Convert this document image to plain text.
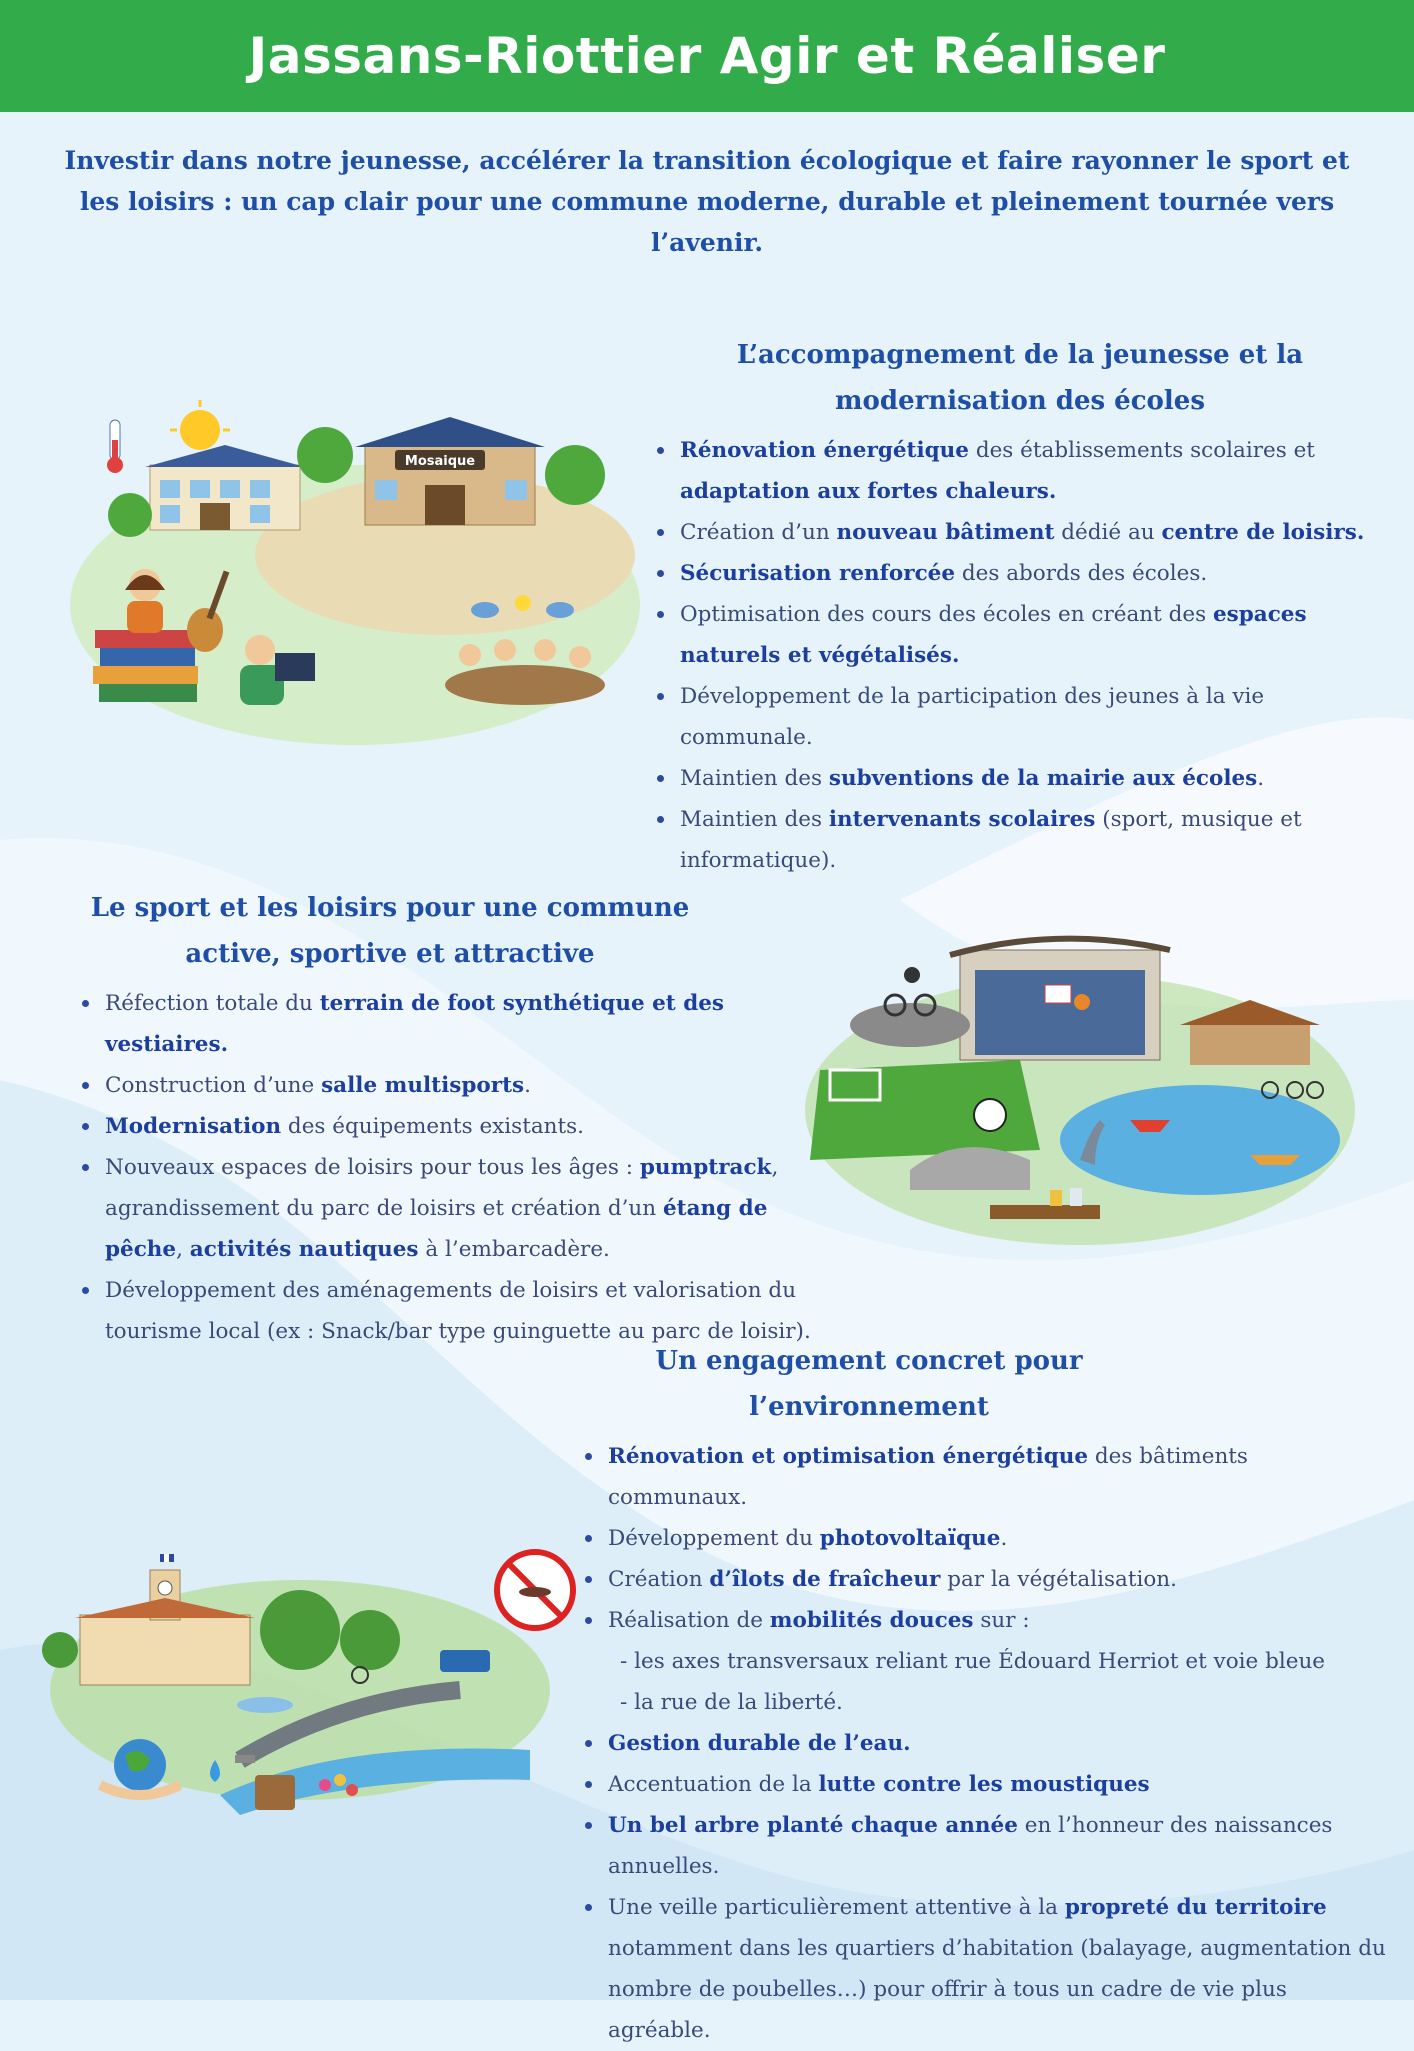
Jassans-Riottier Agir et Réaliser
Investir dans notre jeunesse, accélérer la transition écologique et faire rayonner le sport et les loisirs : un cap clair pour une commune moderne, durable et pleinement tournée vers l’avenir.
Mosaique
L’accompagnement de la jeunesse et la
modernisation des écoles
Rénovation énergétique des établissements scolaires et adaptation aux fortes chaleurs.
Création d’un nouveau bâtiment dédié au centre de loisirs.
Sécurisation renforcée des abords des écoles.
Optimisation des cours des écoles en créant des espaces naturels et végétalisés.
Développement de la participation des jeunes à la vie communale.
Maintien des subventions de la mairie aux écoles.
Maintien des intervenants scolaires (sport, musique et informatique).
Le sport et les loisirs pour une commune
active, sportive et attractive
Réfection totale du terrain de foot synthétique et des vestiaires.
Construction d’une salle multisports.
Modernisation des équipements existants.
Nouveaux espaces de loisirs pour tous les âges : pumptrack, agrandissement du parc de loisirs et création d’un étang de pêche, activités nautiques à l’embarcadère.
Développement des aménagements de loisirs et valorisation du tourisme local (ex : Snack/bar type guinguette au parc de loisir).
Un engagement concret pour
l’environnement
Rénovation et optimisation énergétique des bâtiments communaux.
Développement du photovoltaïque.
Création d’îlots de fraîcheur par la végétalisation.
Réalisation de mobilités douces sur :
- les axes transversaux reliant rue Édouard Herriot et voie bleue
- la rue de la liberté.
Gestion durable de l’eau.
Accentuation de la lutte contre les moustiques
Un bel arbre planté chaque année en l’honneur des naissances annuelles.
Une veille particulièrement attentive à la propreté du territoire notamment dans les quartiers d’habitation (balayage, augmentation du nombre de poubelles…) pour offrir à tous un cadre de vie plus agréable.
